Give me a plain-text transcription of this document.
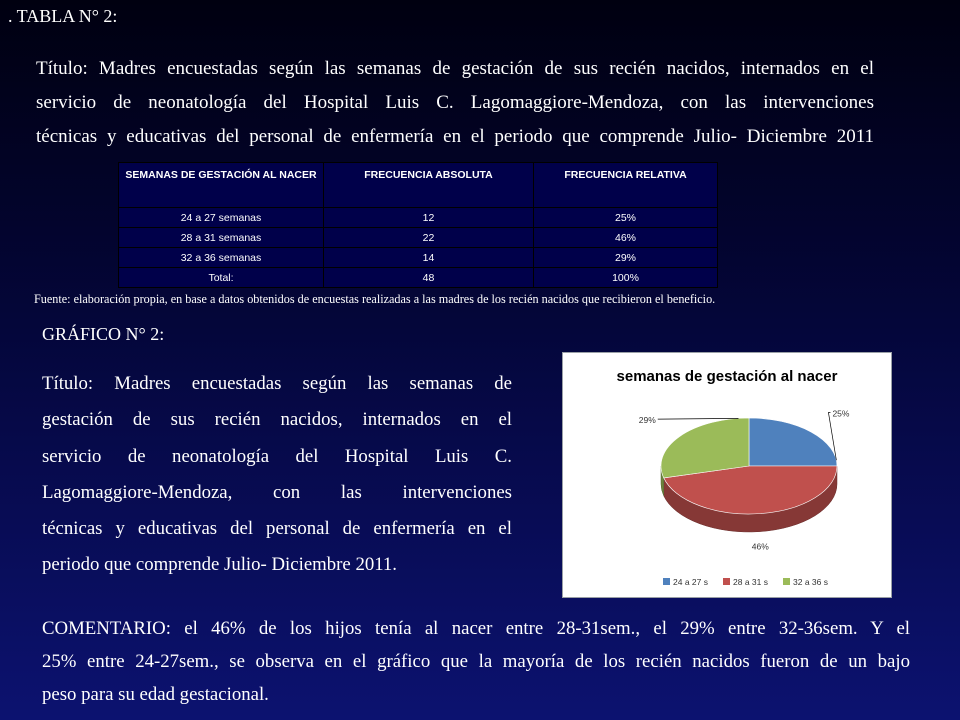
. TABLA N° 2:
Título: Madres encuestadas según las semanas de gestación de sus recién nacidos, internados en el
servicio de neonatología del Hospital Luis C. Lagomaggiore-Mendoza, con las intervenciones
técnicas y educativas del personal de enfermería en el periodo que comprende Julio- Diciembre 2011
SEMANAS DE GESTACIÓN AL NACER	FRECUENCIA ABSOLUTA	FRECUENCIA RELATIVA
24 a 27 semanas	12	25%
28 a 31 semanas	22	46%
32 a 36 semanas	14	29%
Total:	48	100%
Fuente: elaboración propia, en base a datos obtenidos de encuestas realizadas a las madres de los recién nacidos que recibieron el beneficio.
GRÁFICO N° 2:
Título: Madres encuestadas según las semanas de
gestación de sus recién nacidos, internados en el
servicio de neonatología del Hospital Luis C.
Lagomaggiore-Mendoza, con las intervenciones
técnicas y educativas del personal de enfermería en el
periodo que comprende Julio- Diciembre 2011.
semanas de gestación al nacer
25%
46%
29%
24 a 27 s	28 a 31 s	32 a 36 s
COMENTARIO: el 46% de los hijos tenía al nacer entre 28-31sem., el 29% entre 32-36sem. Y el
25% entre 24-27sem., se observa en el gráfico que la mayoría de los recién nacidos fueron de un bajo
peso para su edad gestacional.
